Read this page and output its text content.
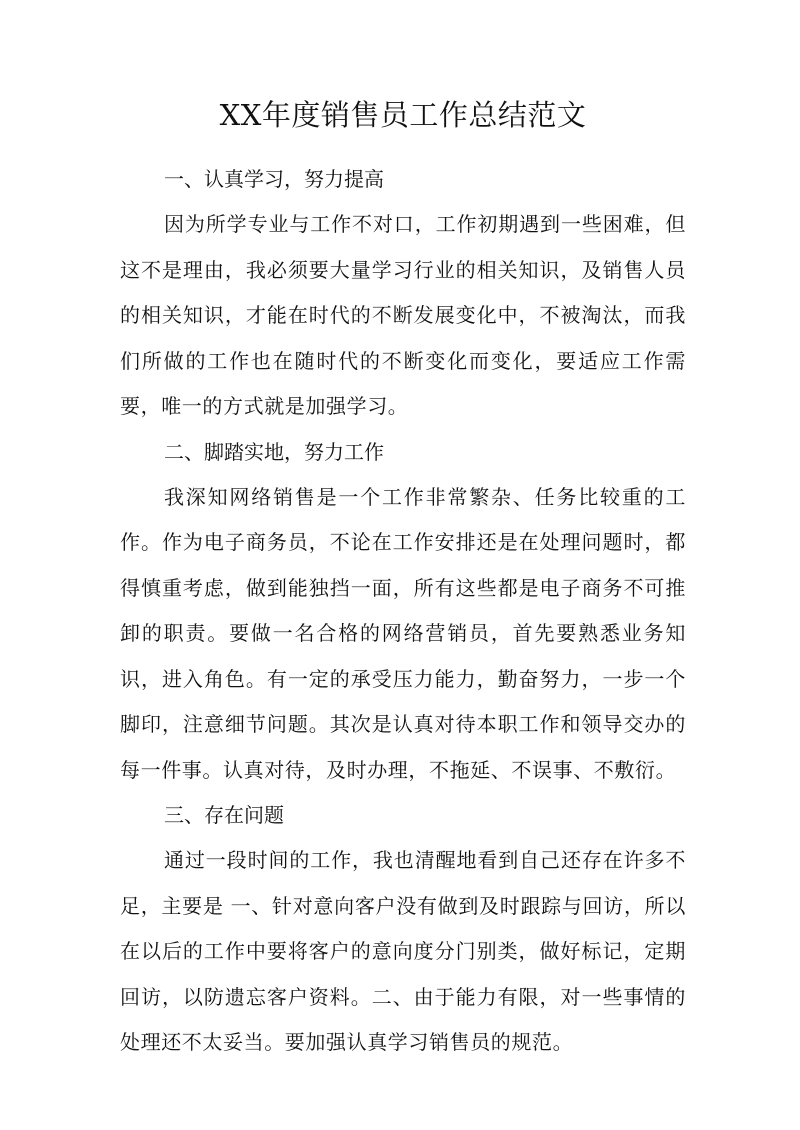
XX年度销售员工作总结范文

一、认真学习，努力提高

因为所学专业与工作不对口，工作初期遇到一些困难，但这不是理由，我必须要大量学习行业的相关知识，及销售人员的相关知识，才能在时代的不断发展变化中，不被淘汰，而我们所做的工作也在随时代的不断变化而变化，要适应工作需要，唯一的方式就是加强学习。

二、脚踏实地，努力工作

我深知网络销售是一个工作非常繁杂、任务比较重的工作。作为电子商务员，不论在工作安排还是在处理问题时，都得慎重考虑，做到能独挡一面，所有这些都是电子商务不可推卸的职责。要做一名合格的网络营销员，首先要熟悉业务知识，进入角色。有一定的承受压力能力，勤奋努力，一步一个脚印，注意细节问题。其次是认真对待本职工作和领导交办的每一件事。认真对待，及时办理，不拖延、不误事、不敷衍。

三、存在问题

通过一段时间的工作，我也清醒地看到自己还存在许多不足，主要是 一、针对意向客户没有做到及时跟踪与回访，所以在以后的工作中要将客户的意向度分门别类，做好标记，定期回访，以防遗忘客户资料。二、由于能力有限，对一些事情的处理还不太妥当。要加强认真学习销售员的规范。
